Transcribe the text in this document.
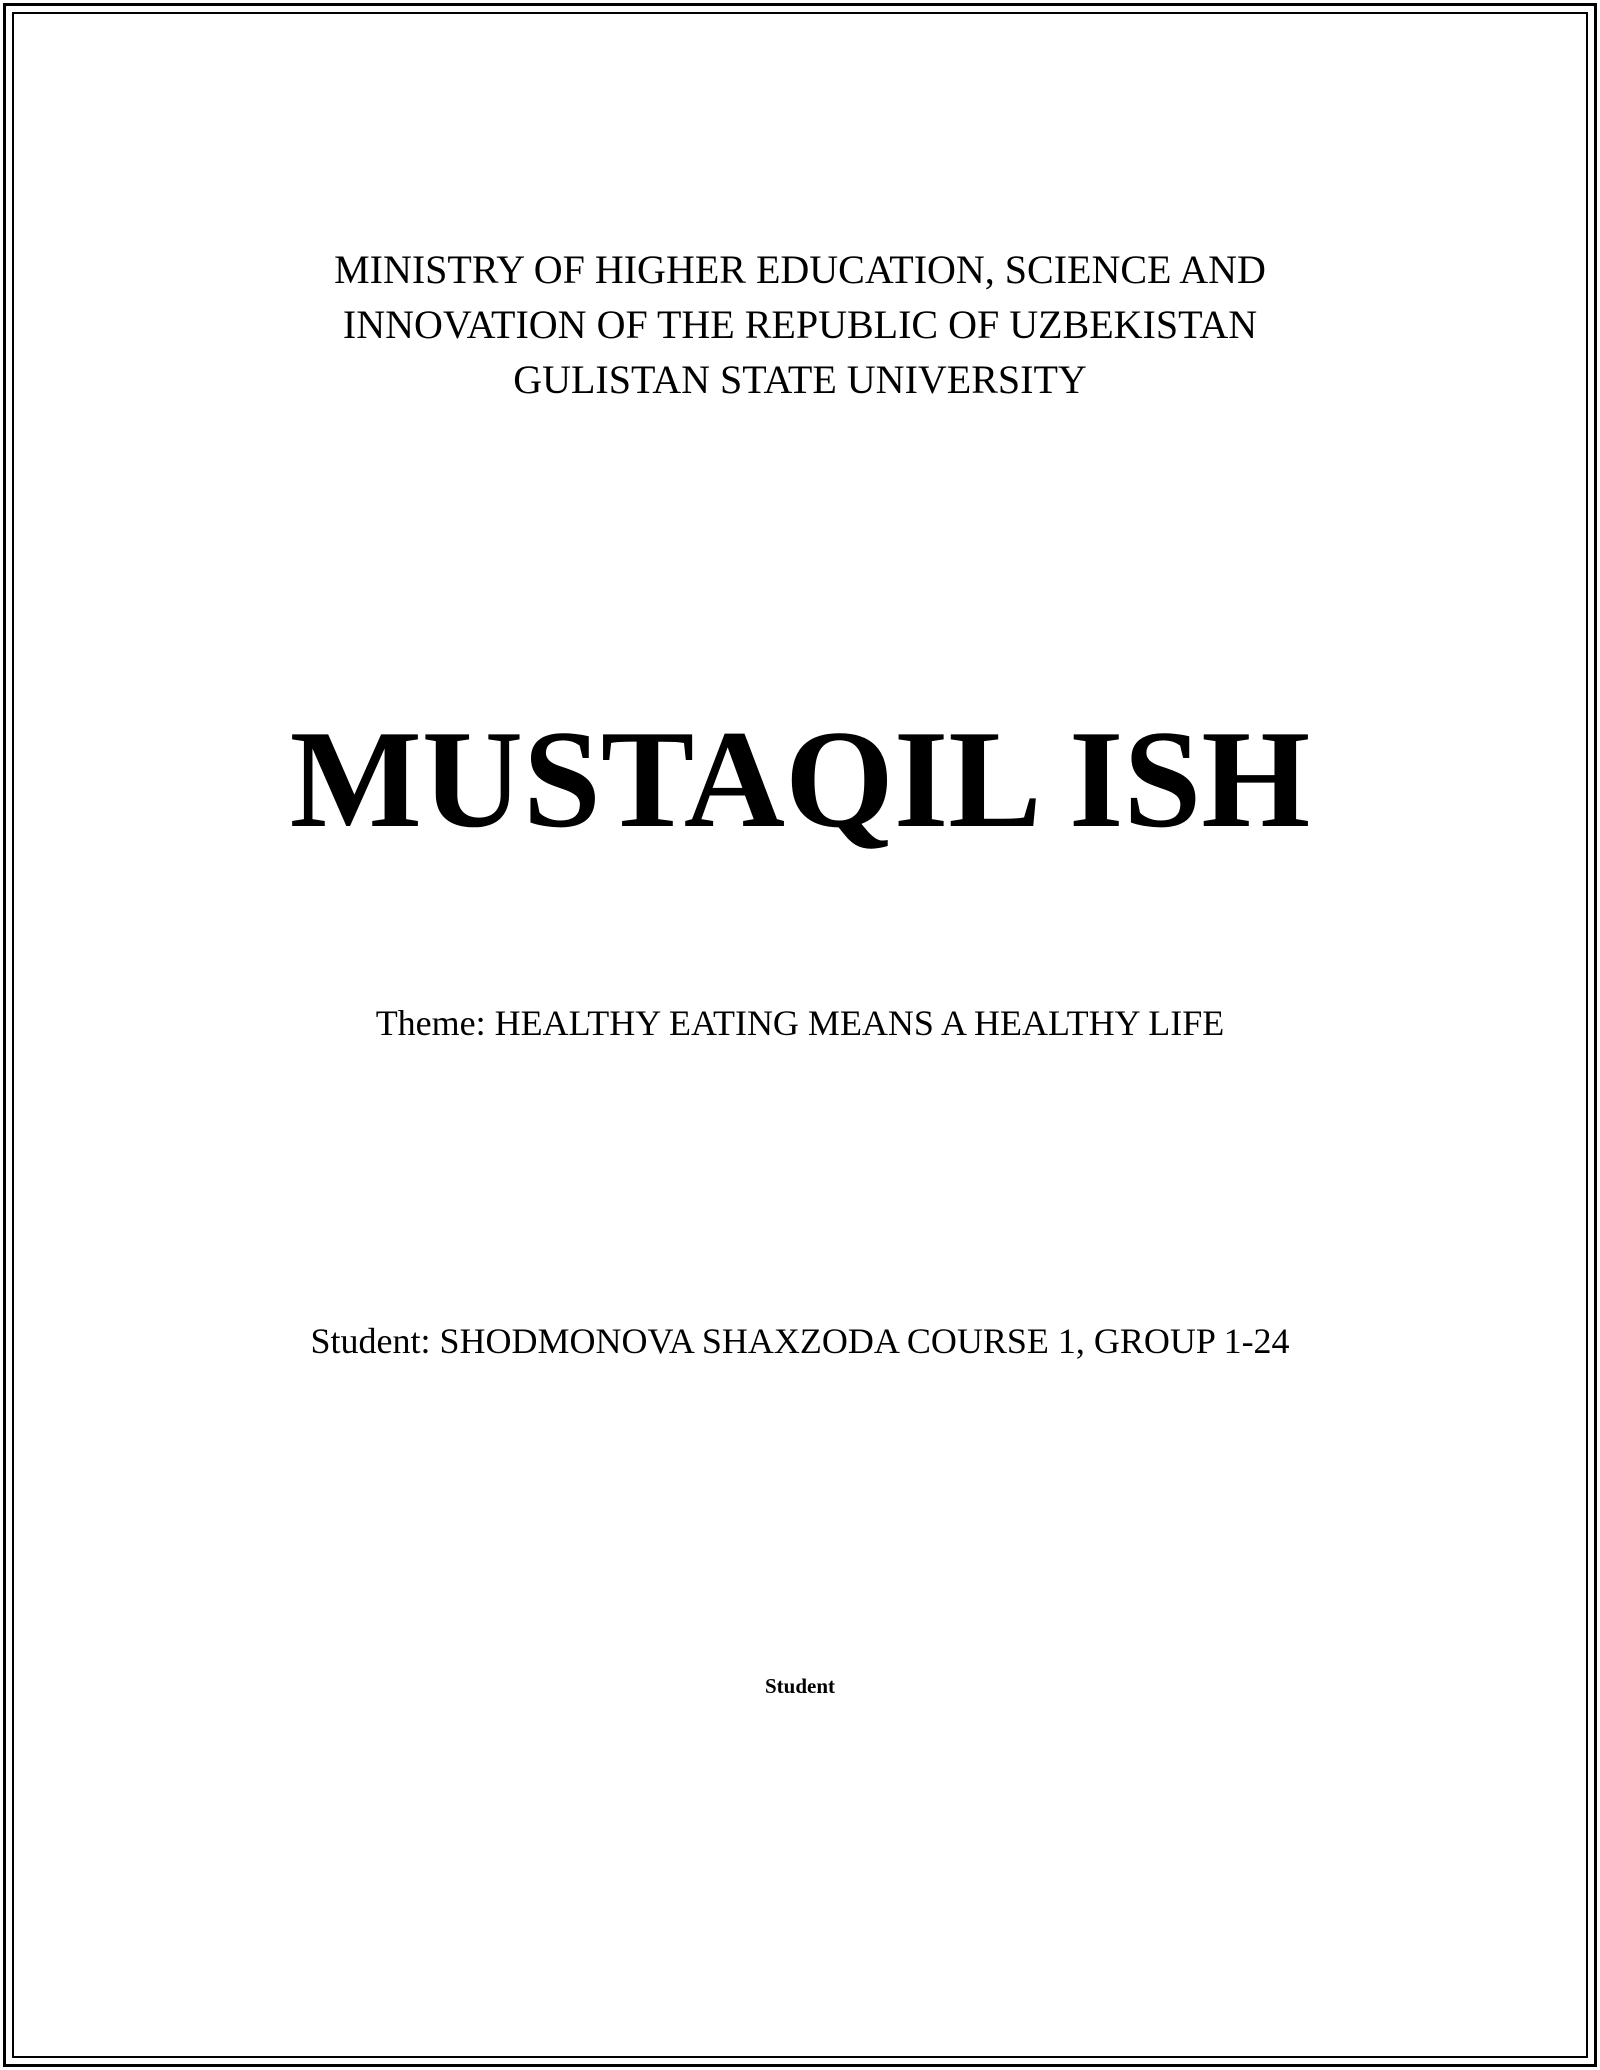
MINISTRY OF HIGHER EDUCATION, SCIENCE AND
INNOVATION OF THE REPUBLIC OF UZBEKISTAN
GULISTAN STATE UNIVERSITY
MUSTAQIL ISH
Theme: HEALTHY EATING MEANS A HEALTHY LIFE
Student: SHODMONOVA SHAXZODA COURSE 1, GROUP 1-24
Student
